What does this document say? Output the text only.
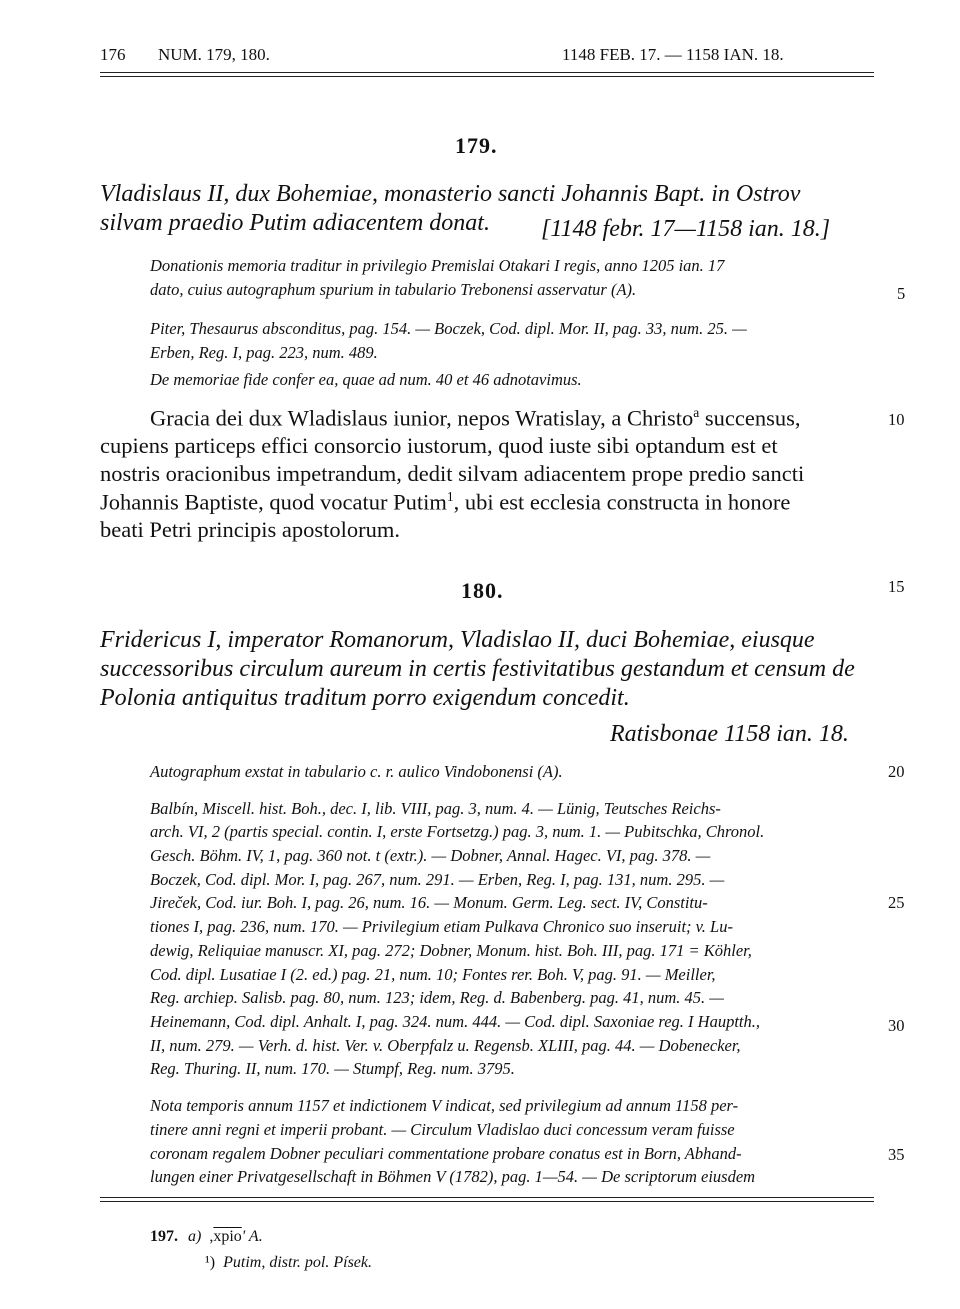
176 NUM. 179, 180.	1148 FEB. 17. — 1158 IAN. 18.
179.
Vladislaus II, dux Bohemiae, monasterio sancti Johannis Bapt. in Ostrov
silvam praedio Putim adiacentem donat.	[1148 febr. 17—1158 ian. 18.]
Donationis memoria traditur in privilegio Premislai Otakari I regis, anno 1205 ian. 17
dato, cuius autographum spurium in tabulario Trebonensi asservatur (A).
Piter, Thesaurus absconditus, pag. 154. — Boczek, Cod. dipl. Mor. II, pag. 33, num. 25. —
Erben, Reg. I, pag. 223, num. 489.
De memoriae fide confer ea, quae ad num. 40 et 46 adnotavimus.
Gracia dei dux Wladislaus iunior, nepos Wratislay, a Christo$^a$ succensus,
cupiens particeps effici consorcio iustorum, quod iuste sibi optandum est et
nostris oracionibus impetrandum, dedit silvam adiacentem prope predio sancti
Johannis Baptiste, quod vocatur Putim$^1$, ubi est ecclesia constructa in honore
beati Petri principis apostolorum.
180.
Fridericus I, imperator Romanorum, Vladislao II, duci Bohemiae, eiusque
successoribus circulum aureum in certis festivitatibus gestandum et censum de
Polonia antiquitus traditum porro exigendum concedit.
Ratisbonae 1158 ian. 18.
Autographum exstat in tabulario c. r. aulico Vindobonensi (A).
Balbín, Miscell. hist. Boh., dec. I, lib. VIII, pag. 3, num. 4. — Lünig, Teutsches Reichs-
arch. VI, 2 (partis special. contin. I, erste Fortsetzg.) pag. 3, num. 1. — Pubitschka, Chronol.
Gesch. Böhm. IV, 1, pag. 360 not. t (extr.). — Dobner, Annal. Hagec. VI, pag. 378. —
Boczek, Cod. dipl. Mor. I, pag. 267, num. 291. — Erben, Reg. I, pag. 131, num. 295. —
Jireček, Cod. iur. Boh. I, pag. 26, num. 16. — Monum. Germ. Leg. sect. IV, Constitu-
tiones I, pag. 236, num. 170. — Privilegium etiam Pulkava Chronico suo inseruit; v. Lu-
dewig, Reliquiae manuscr. XI, pag. 272; Dobner, Monum. hist. Boh. III, pag. 171 = Köhler,
Cod. dipl. Lusatiae I (2. ed.) pag. 21, num. 10; Fontes rer. Boh. V, pag. 91. — Meiller,
Reg. archiep. Salisb. pag. 80, num. 123; idem, Reg. d. Babenberg. pag. 41, num. 45. —
Heinemann, Cod. dipl. Anhalt. I, pag. 324. num. 444. — Cod. dipl. Saxoniae reg. I Hauptth.,
II, num. 279. — Verh. d. hist. Ver. v. Oberpfalz u. Regensb. XLIII, pag. 44. — Dobenecker,
Reg. Thuring. II, num. 170. — Stumpf, Reg. num. 3795.
Nota temporis annum 1157 et indictionem V indicat, sed privilegium ad annum 1158 per-
tinere anni regni et imperii probant. — Circulum Vladislao duci concessum veram fuisse
coronam regalem Dobner peculiari commentatione probare conatus est in Born, Abhand-
lungen einer Privatgesellschaft in Böhmen V (1782), pag. 1—54. — De scriptorum eiusdem
5
10
15
20
25
30
35
197. a) ,xpio' A.
¹) Putim, distr. pol. Písek.
